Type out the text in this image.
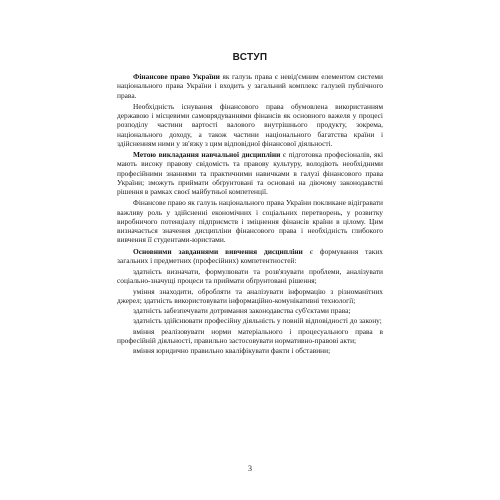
ВСТУП

Фінансове право України як галузь права є невід'ємним елементом системи національного права України і входить у загальний комплекс галузей публічного права.

Необхідність існування фінансового права обумовлена використанням державою і місцевими самоврядуваннями фінансів як основного важеля у процесі розподілу частини вартості валового внутрішнього продукту, зокрема, національного доходу, а також частини національного багатства країни і здійсненням ними у зв'язку з цим відповідної фінансової діяльності.

Метою викладання навчальної дисципліни є підготовка професіоналів, які мають високу правову свідомість та правову культуру, володіють необхідними професійними знаннями та практичними навичками в галузі фінансового права України; зможуть приймати обґрунтовані та основані на діючому законодавстві рішення в рамках своєї майбутньої компетенції.

Фінансове право як галузь національного права України покликане відігравати важливу роль у здійсненні економічних і соціальних перетворень, у розвитку виробничого потенціалу підприємств і зміцнення фінансів країни в цілому. Цим визначається значення дисципліни фінансового права і необхідність глибокого вивчення її студентами-юристами.

Основними завданнями вивчення дисципліни є формування таких загальних і предметних (професійних) компетентностей:

здатність визначати, формулювати та розв'язувати проблеми, аналізувати соціально-значущі процеси та приймати обґрунтовані рішення;

уміння знаходити, обробляти та аналізувати інформацію з різноманітних джерел; здатність використовувати інформаційно-комунікативні технології;

здатність забезпечувати дотримання законодавства суб'єктами права;

здатність здійснювати професійну діяльність у повній відповідності до закону;

вміння реалізовувати норми матеріального і процесуального права в професійній діяльності, правильно застосовувати нормативно-правові акти;

вміння юридично правильно кваліфікувати факти і обставини;

3
